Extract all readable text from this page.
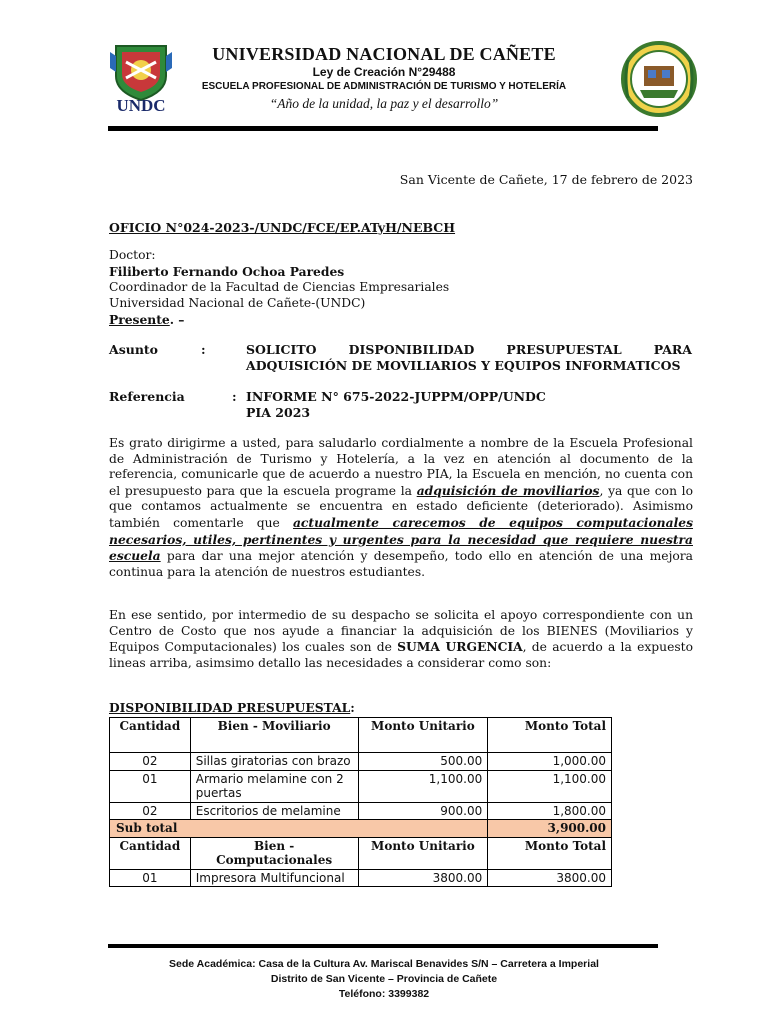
UNDC
UNIVERSIDAD NACIONAL DE CAÑETE
Ley de Creación N°29488
ESCUELA PROFESIONAL DE ADMINISTRACIÓN DE TURISMO Y HOTELERÍA
“Año de la unidad, la paz y el desarrollo”
San Vicente de Cañete, 17 de febrero de 2023
OFICIO N°024-2023-/UNDC/FCE/EP.ATyH/NEBCH
Doctor:
Filiberto Fernando Ochoa Paredes
Coordinador de la Facultad de Ciencias Empresariales
Universidad Nacional de Cañete-(UNDC)
Presente. –
Asunto	:	SOLICITO DISPONIBILIDAD PRESUPUESTAL PARA
ADQUISICIÓN DE MOVILIARIOS Y EQUIPOS INFORMATICOS
Referencia	: INFORME N° 675-2022-JUPPM/OPP/UNDC
PIA 2023
Es grato dirigirme a usted, para saludarlo cordialmente a nombre de la Escuela Profesional de Administración de Turismo y Hotelería, a la vez en atención al documento de la referencia, comunicarle que de acuerdo a nuestro PIA, la Escuela en mención, no cuenta con el presupuesto para que la escuela programe la adquisición de moviliarios, ya que con lo que contamos actualmente se encuentra en estado deficiente (deteriorado). Asimismo también comentarle que actualmente carecemos de equipos computacionales necesarios, utiles, pertinentes y urgentes para la necesidad que requiere nuestra escuela para dar una mejor atención y desempeño, todo ello en atención de una mejora continua para la atención de nuestros estudiantes.
En ese sentido, por intermedio de su despacho se solicita el apoyo correspondiente con un Centro de Costo que nos ayude a financiar la adquisición de los BIENES (Moviliarios y Equipos Computacionales) los cuales son de SUMA URGENCIA, de acuerdo a la expuesto lineas arriba, asimsimo detallo las necesidades a considerar como son:
DISPONIBILIDAD PRESUPUESTAL:
Cantidad	Bien - Moviliario	Monto Unitario	Monto Total
02	Sillas giratorias con brazo	500.00	1,000.00
01	Armario melamine con 2 puertas	1,100.00	1,100.00
02	Escritorios de melamine	900.00	1,800.00
Sub total			3,900.00
Cantidad	Bien - Computacionales	Monto Unitario	Monto Total
01	Impresora Multifuncional	3800.00	3800.00
Sede Académica: Casa de la Cultura Av. Mariscal Benavides S/N – Carretera a Imperial
Distrito de San Vicente – Provincia de Cañete
Teléfono: 3399382
